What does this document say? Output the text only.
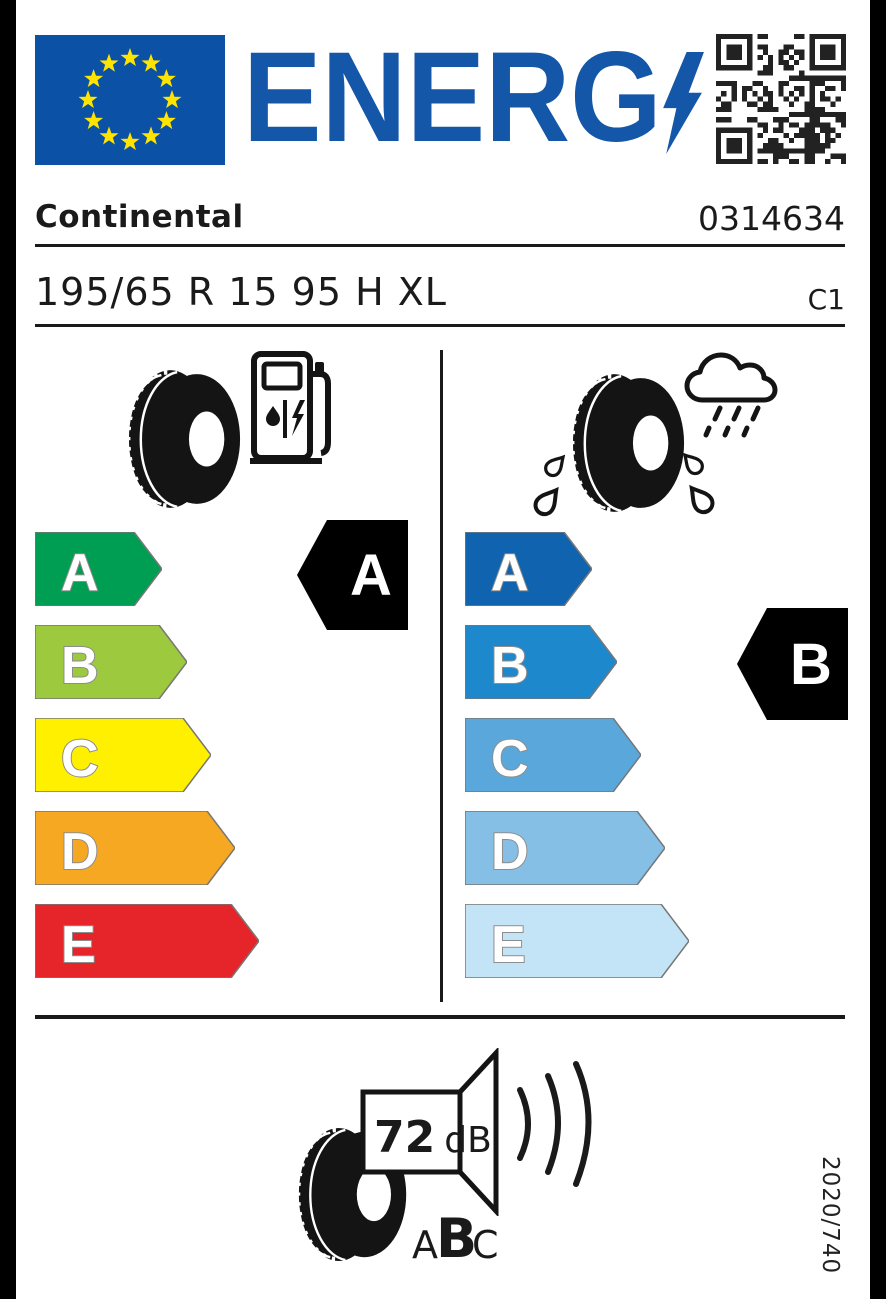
ENERG
Continental	0314634
195/65 R 15 95 H XL	C1
A
B
C
D
E
A A
B
C
D
E
B
72 dB
A
B
C	2020/740
